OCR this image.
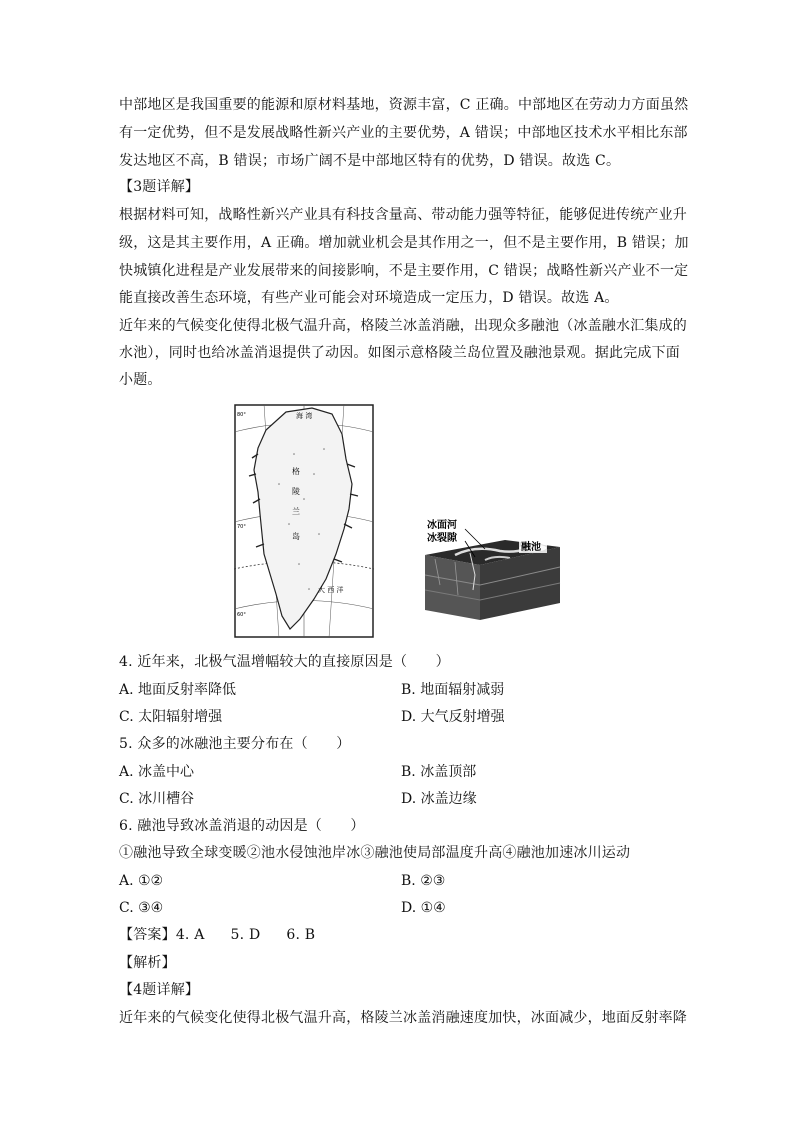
中部地区是我国重要的能源和原材料基地，资源丰富，C 正确。中部地区在劳动力方面虽然
有一定优势，但不是发展战略性新兴产业的主要优势，A 错误；中部地区技术水平相比东部
发达地区不高，B 错误；市场广阔不是中部地区特有的优势，D 错误。故选 C。
【3题详解】
根据材料可知，战略性新兴产业具有科技含量高、带动能力强等特征，能够促进传统产业升
级，这是其主要作用，A 正确。增加就业机会是其作用之一，但不是主要作用，B 错误；加
快城镇化进程是产业发展带来的间接影响，不是主要作用，C 错误；战略性新兴产业不一定
能直接改善生态环境，有些产业可能会对环境造成一定压力，D 错误。故选 A。
近年来的气候变化使得北极气温升高，格陵兰冰盖消融，出现众多融池（冰盖融水汇集成的
水池），同时也给冰盖消退提供了动因。如图示意格陵兰岛位置及融池景观。据此完成下面
小题。
海 湾
格
陵
兰
岛
大 西 洋
80°
70°
60°
冰面河
冰裂隙
融池
4. 近年来，北极气温增幅较大的直接原因是（　　）
A. 地面反射率降低	B. 地面辐射减弱
C. 太阳辐射增强	D. 大气反射增强
5. 众多的冰融池主要分布在（　　）
A. 冰盖中心	B. 冰盖顶部
C. 冰川槽谷	D. 冰盖边缘
6. 融池导致冰盖消退的动因是（　　）
①融池导致全球变暖②池水侵蚀池岸冰③融池使局部温度升高④融池加速冰川运动
A. ①②	B. ②③
C. ③④	D. ①④
【答案】4. A 5. D 6. B
【解析】
【4题详解】
近年来的气候变化使得北极气温升高，格陵兰冰盖消融速度加快，冰面减少，地面反射率降
